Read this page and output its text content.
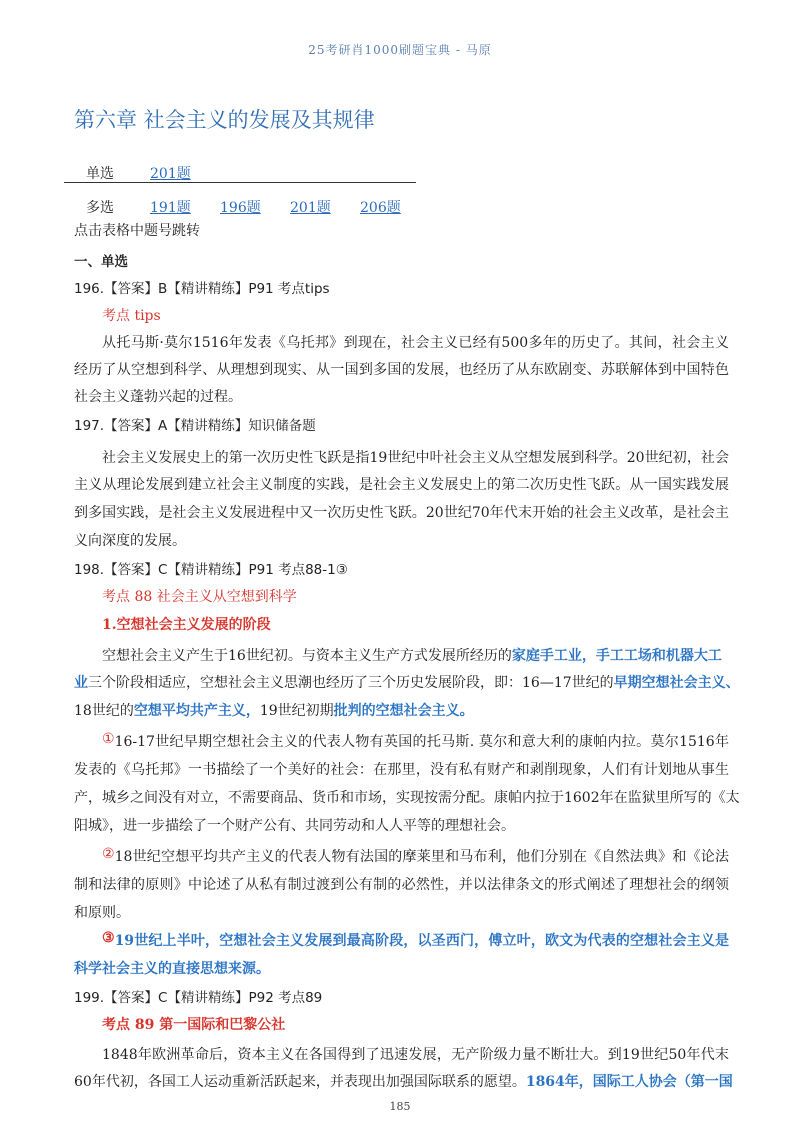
25考研肖1000刷题宝典 - 马原
第六章 社会主义的发展及其规律
单选	201题
多选	191题 196题 201题 206题
点击表格中题号跳转
一、单选
196.【答案】B【精讲精练】P91 考点tips
考点 tips
从托马斯·莫尔1516年发表《乌托邦》到现在，社会主义已经有500多年的历史了。其间，社会主义
经历了从空想到科学、从理想到现实、从一国到多国的发展，也经历了从东欧剧变、苏联解体到中国特色
社会主义蓬勃兴起的过程。
197.【答案】A【精讲精练】知识储备题
社会主义发展史上的第一次历史性飞跃是指19世纪中叶社会主义从空想发展到科学。20世纪初，社会
主义从理论发展到建立社会主义制度的实践，是社会主义发展史上的第二次历史性飞跃。从一国实践发展
到多国实践，是社会主义发展进程中又一次历史性飞跃。20世纪70年代末开始的社会主义改革，是社会主
义向深度的发展。
198.【答案】C【精讲精练】P91 考点88-1③
考点 88 社会主义从空想到科学
1.空想社会主义发展的阶段
空想社会主义产生于16世纪初。与资本主义生产方式发展所经历的家庭手工业，手工工场和机器大工
业三个阶段相适应，空想社会主义思潮也经历了三个历史发展阶段，即：16—17世纪的早期空想社会主义、
18世纪的空想平均共产主义，19世纪初期批判的空想社会主义。
① 16-17世纪早期空想社会主义的代表人物有英国的托马斯. 莫尔和意大利的康帕内拉。莫尔1516年
发表的《乌托邦》一书描绘了一个美好的社会：在那里，没有私有财产和剥削现象，人们有计划地从事生
产，城乡之间没有对立，不需要商品、货币和市场，实现按需分配。康帕内拉于1602年在监狱里所写的《太
阳城》，进一步描绘了一个财产公有、共同劳动和人人平等的理想社会。
② 18世纪空想平均共产主义的代表人物有法国的摩莱里和马布利，他们分别在《自然法典》和《论法
制和法律的原则》中论述了从私有制过渡到公有制的必然性，并以法律条文的形式阐述了理想社会的纲领
和原则。
③ 19世纪上半叶，空想社会主义发展到最高阶段，以圣西门，傅立叶，欧文为代表的空想社会主义是
科学社会主义的直接思想来源。
199.【答案】C【精讲精练】P92 考点89
考点 89 第一国际和巴黎公社
1848年欧洲革命后，资本主义在各国得到了迅速发展，无产阶级力量不断壮大。到19世纪50年代末
60年代初，各国工人运动重新活跃起来，并表现出加强国际联系的愿望。1864年，国际工人协会（第一国
185
